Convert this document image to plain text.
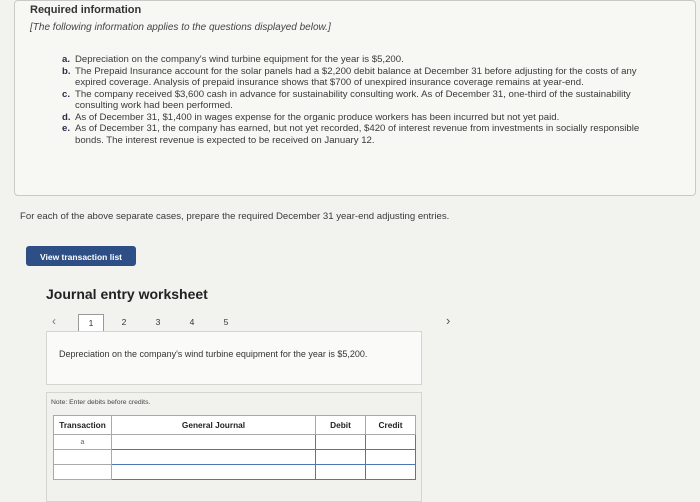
Required information
[The following information applies to the questions displayed below.]
a. Depreciation on the company's wind turbine equipment for the year is $5,200.
b. The Prepaid Insurance account for the solar panels had a $2,200 debit balance at December 31 before adjusting for the costs of any expired coverage. Analysis of prepaid insurance shows that $700 of unexpired insurance coverage remains at year-end.
c. The company received $3,600 cash in advance for sustainability consulting work. As of December 31, one-third of the sustainability consulting work had been performed.
d. As of December 31, $1,400 in wages expense for the organic produce workers has been incurred but not yet paid.
e. As of December 31, the company has earned, but not yet recorded, $420 of interest revenue from investments in socially responsible bonds. The interest revenue is expected to be received on January 12.
For each of the above separate cases, prepare the required December 31 year-end adjusting entries.
View transaction list
Journal entry worksheet
‹	1	2	3	4	5	›
Depreciation on the company's wind turbine equipment for the year is $5,200.
Note: Enter debits before credits.
Transaction	General Journal	Debit	Credit
a			
